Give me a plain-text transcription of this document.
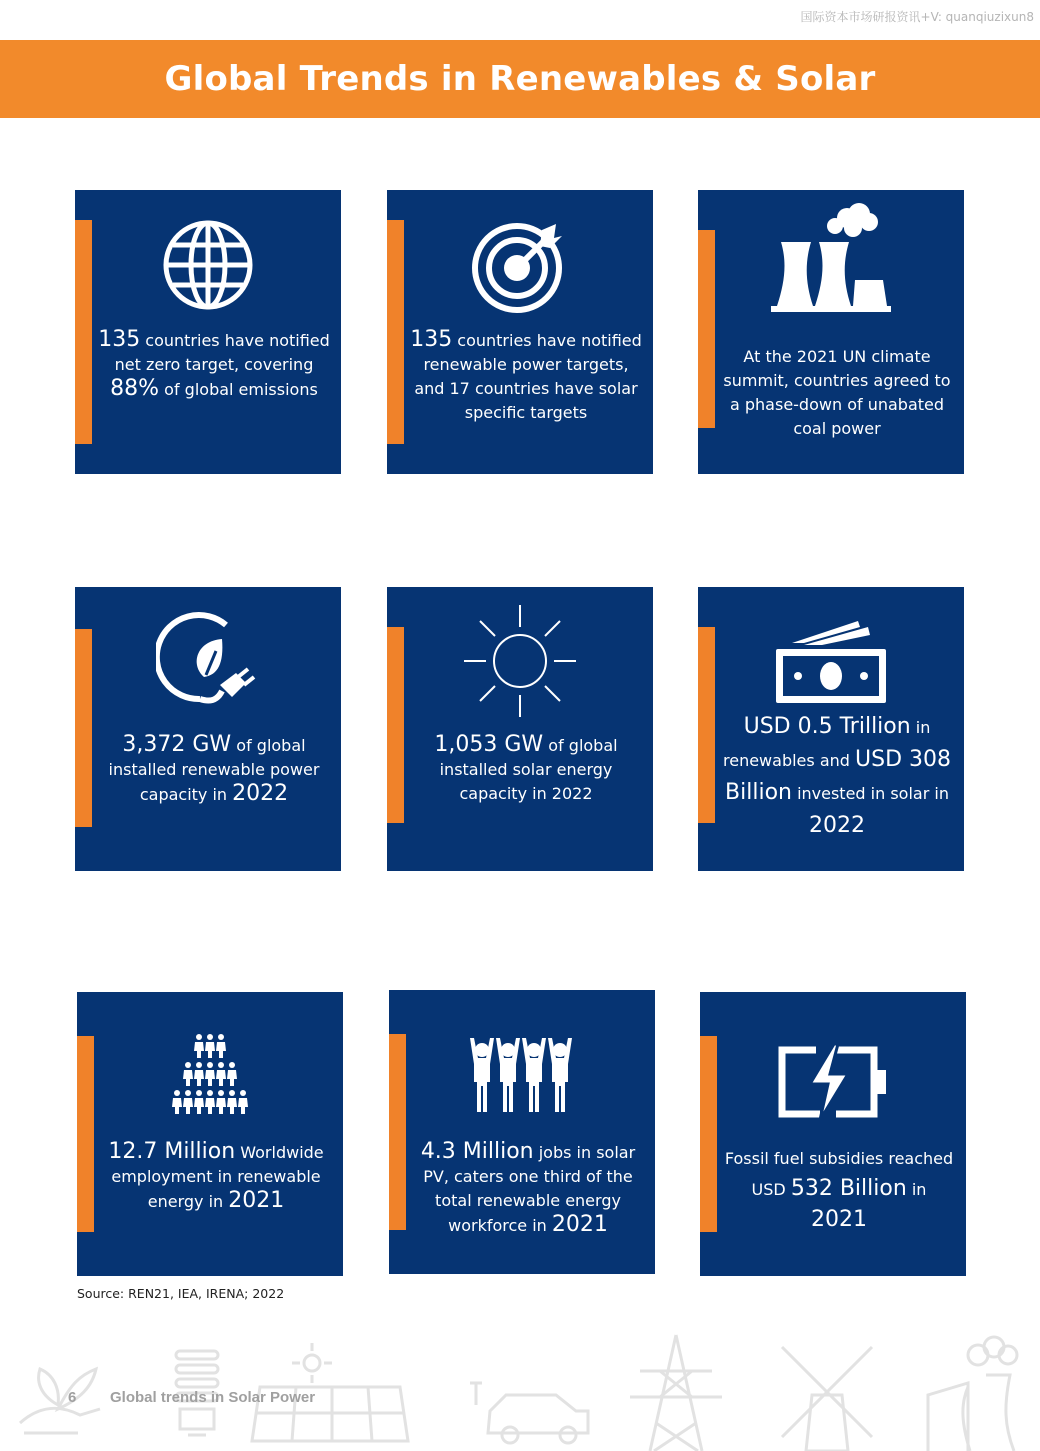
国际资本市场研报资讯+V: quanqiuzixun8
Global Trends in Renewables & Solar
135 countries have notified net zero target, covering 88% of global emissions
135 countries have notified renewable power targets, and 17 countries have solar specific targets
At the 2021 UN climate summit, countries agreed to a phase-down of unabated coal power
3,372 GW of global installed renewable power capacity in 2022
1,053 GW of global installed solar energy capacity in 2022
USD 0.5 Trillion in renewables and USD 308 Billion invested in solar in 2022
12.7 Million Worldwide employment in renewable energy in 2021
4.3 Million jobs in solar PV, caters one third of the total renewable energy workforce in 2021
Fossil fuel subsidies reached USD 532 Billion in 2021
Source: REN21, IEA, IRENA; 2022
6 Global trends in Solar Power
